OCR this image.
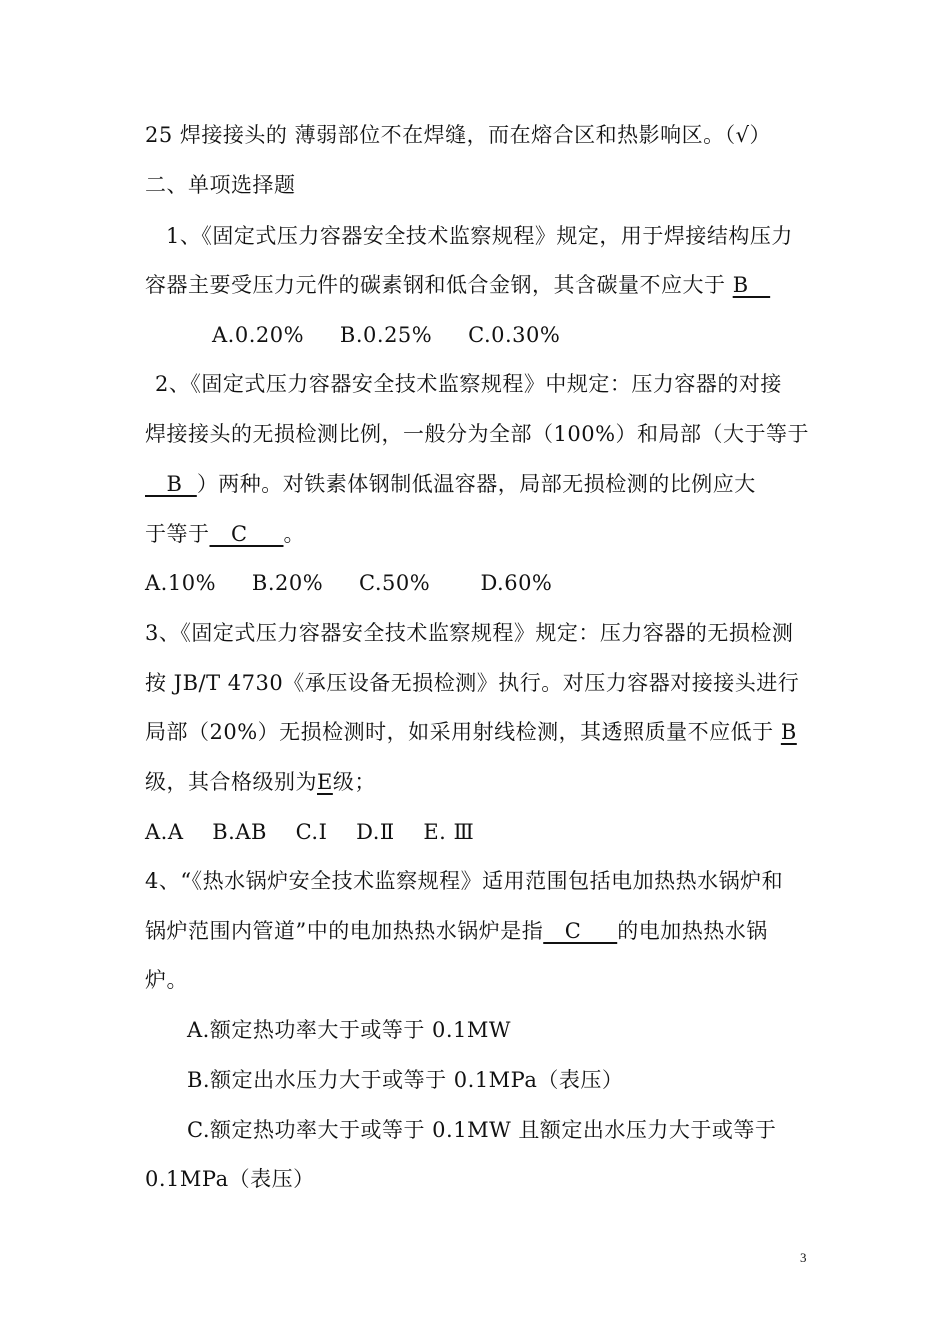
25 焊接接头的 薄弱部位不在焊缝，而在熔合区和热影响区。（√）
二、单项选择题
1、《固定式压力容器安全技术监察规程》规定，用于焊接结构压力
容器主要受压力元件的碳素钢和低合金钢，其含碳量不应大于 B
A.0.20%     B.0.25%     C.0.30%
2、《固定式压力容器安全技术监察规程》中规定：压力容器的对接
焊接接头的无损检测比例，一般分为全部（100%）和局部（大于等于
B  ）两种。对铁素体钢制低温容器，局部无损检测的比例应大
于等于   C     。
A.10%     B.20%     C.50%       D.60%
3、《固定式压力容器安全技术监察规程》规定：压力容器的无损检测
按 JB/T 4730《承压设备无损检测》执行。对压力容器对接接头进行
局部（20%）无损检测时，如采用射线检测，其透照质量不应低于 B
级，其合格级别为E级；
A.A    B.AB    C.Ⅰ    D.Ⅱ    E. Ⅲ
4、“《热水锅炉安全技术监察规程》适用范围包括电加热热水锅炉和
锅炉范围内管道”中的电加热热水锅炉是指   C     的电加热热水锅
炉。
A.额定热功率大于或等于 0.1MW
B.额定出水压力大于或等于 0.1MPa（表压）
C.额定热功率大于或等于 0.1MW 且额定出水压力大于或等于
0.1MPa（表压）
3
